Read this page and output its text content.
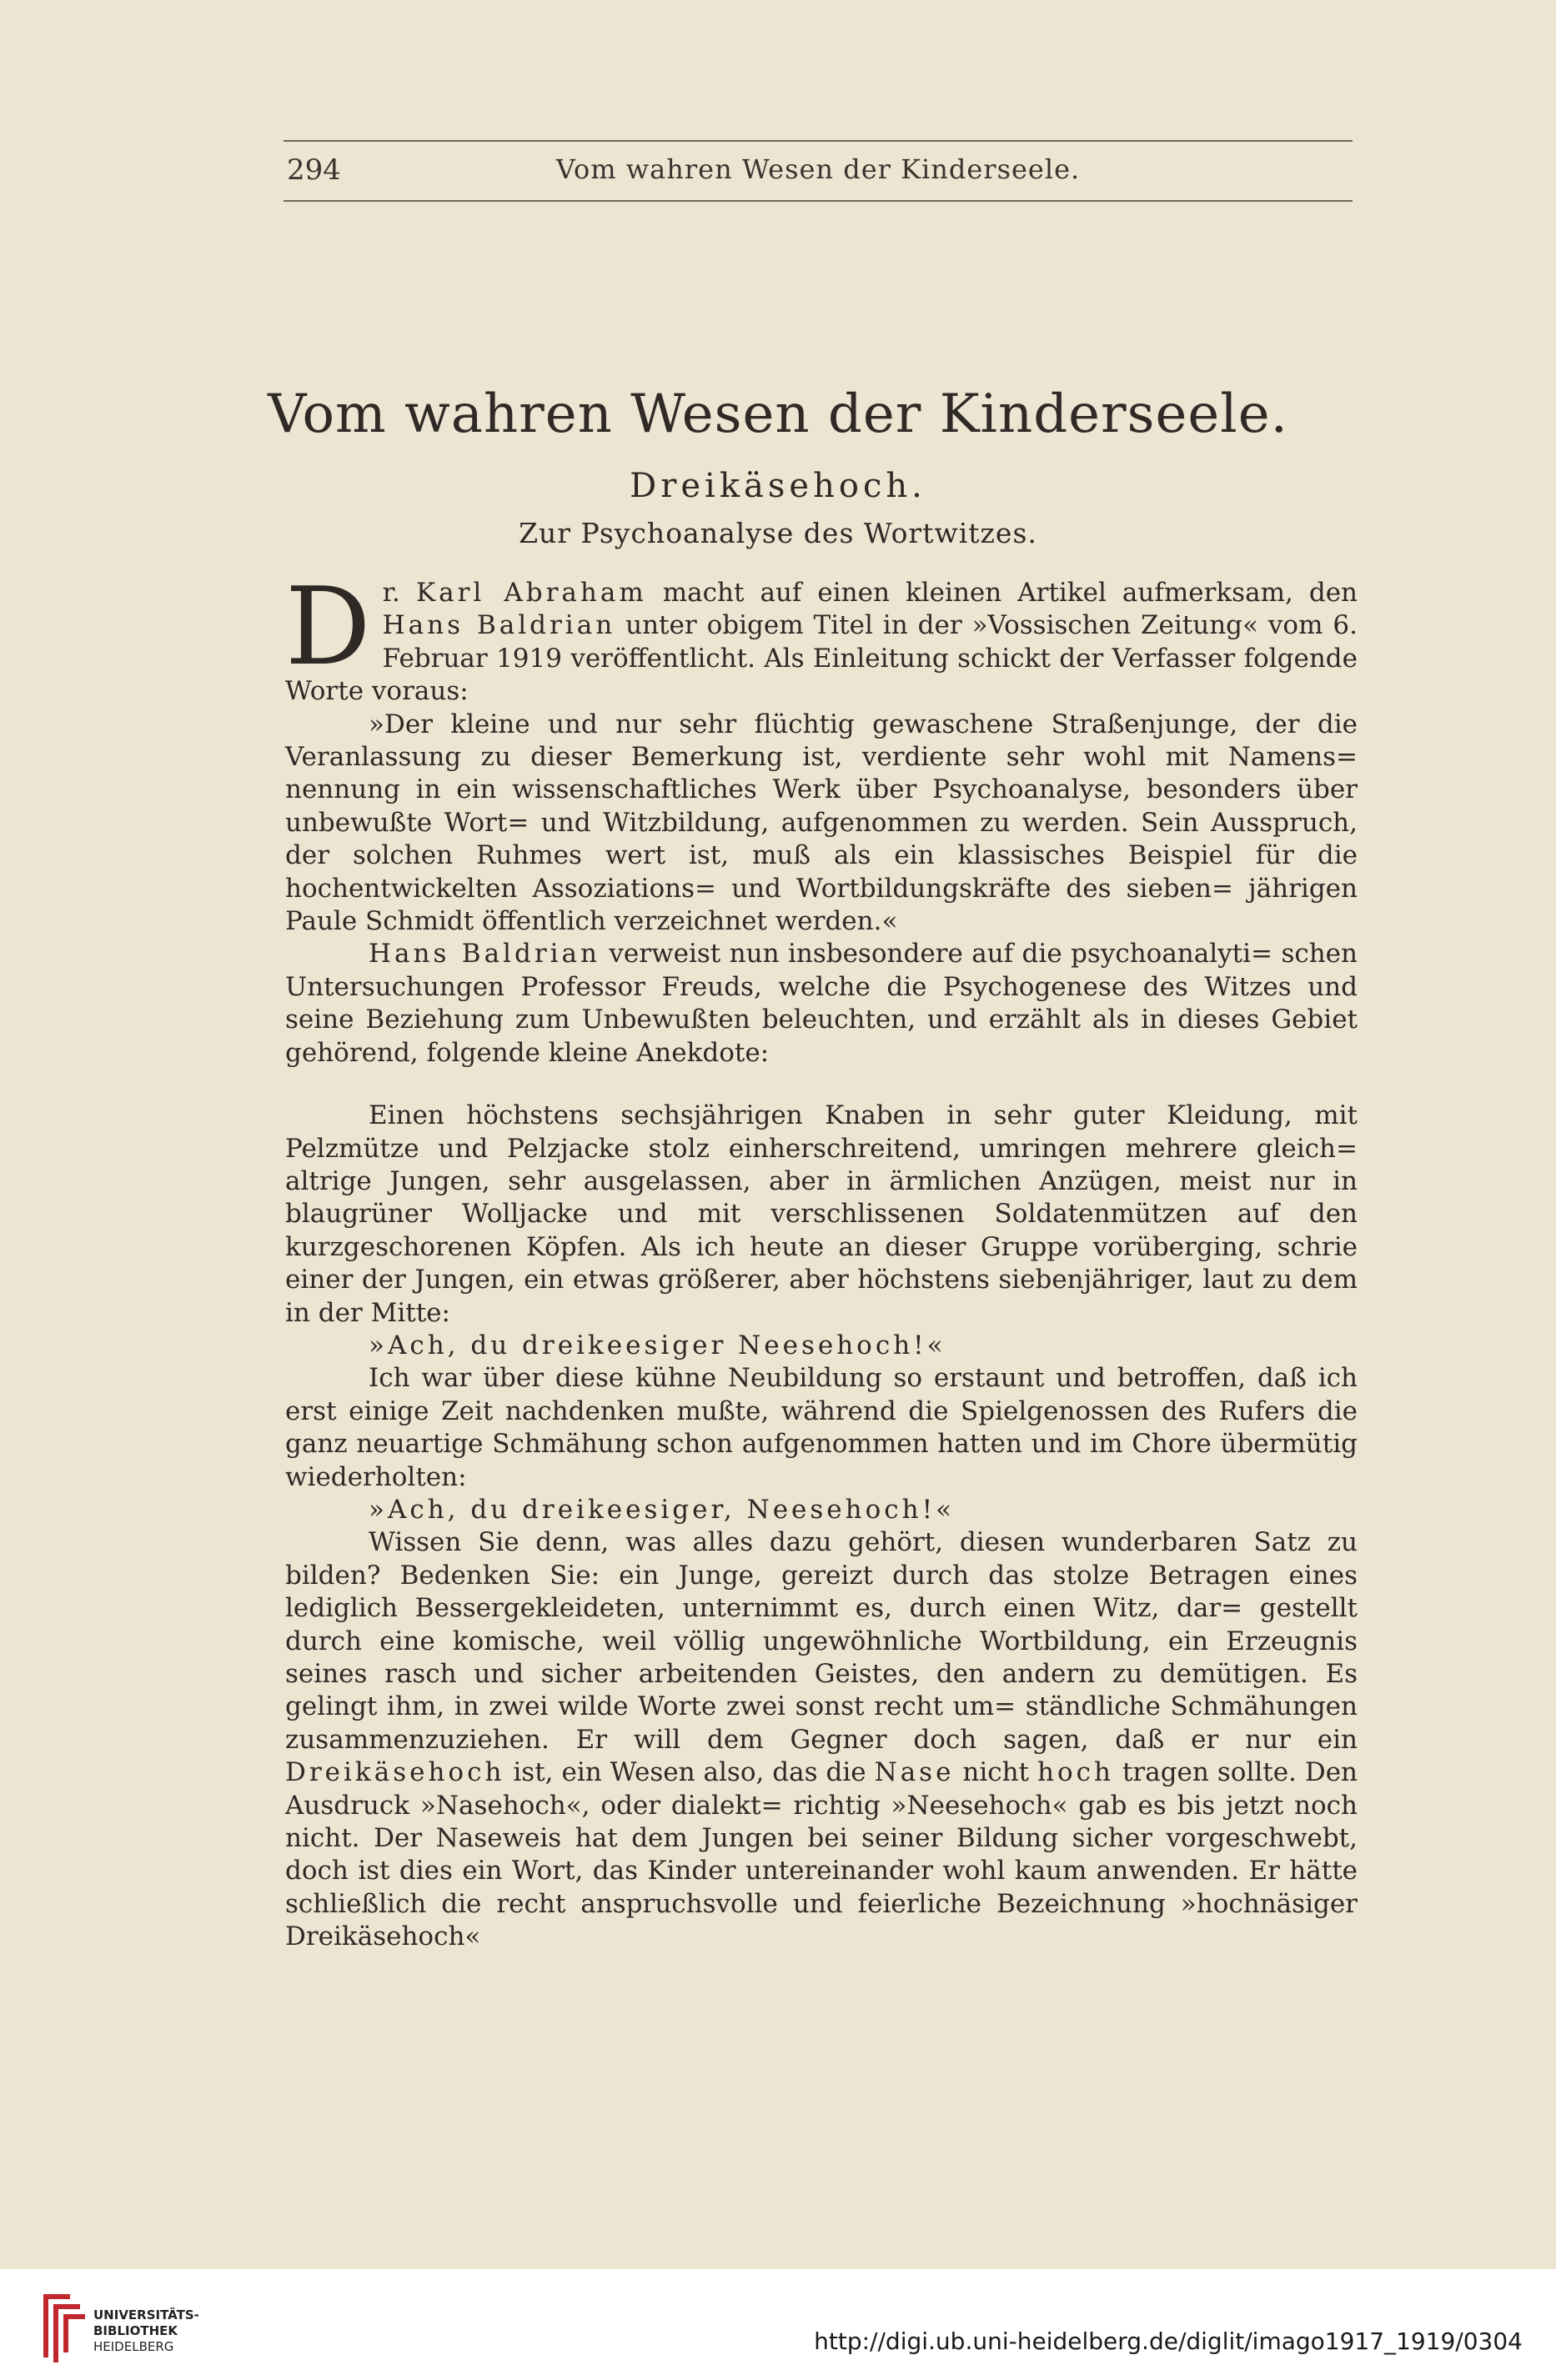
294	Vom wahren Wesen der Kinderseele.
Vom wahren Wesen der Kinderseele.
Dreikäsehoch.
Zur Psychoanalyse des Wortwitzes.

Dr. Karl Abraham macht auf einen kleinen Artikel aufmerksam, den Hans Baldrian unter obigem Titel in der »Vossischen Zeitung« vom 6. Februar 1919 veröffentlicht. Als Einleitung schickt der Verfasser folgende Worte voraus:

»Der kleine und nur sehr flüchtig gewaschene Straßenjunge, der die Veranlassung zu dieser Bemerkung ist, verdiente sehr wohl mit Namens= nennung in ein wissenschaftliches Werk über Psychoanalyse, besonders über unbewußte Wort= und Witzbildung, aufgenommen zu werden. Sein Ausspruch, der solchen Ruhmes wert ist, muß als ein klassisches Beispiel für die hochentwickelten Assoziations= und Wortbildungskräfte des sieben= jährigen Paule Schmidt öffentlich verzeichnet werden.«

Hans Baldrian verweist nun insbesondere auf die psychoanalyti= schen Untersuchungen Professor Freuds, welche die Psychogenese des Witzes und seine Beziehung zum Unbewußten beleuchten, und erzählt als in dieses Gebiet gehörend, folgende kleine Anekdote:

Einen höchstens sechsjährigen Knaben in sehr guter Kleidung, mit Pelzmütze und Pelzjacke stolz einherschreitend, umringen mehrere gleich= altrige Jungen, sehr ausgelassen, aber in ärmlichen Anzügen, meist nur in blaugrüner Wolljacke und mit verschlissenen Soldatenmützen auf den kurzgeschorenen Köpfen. Als ich heute an dieser Gruppe vorüberging, schrie einer der Jungen, ein etwas größerer, aber höchstens siebenjähriger, laut zu dem in der Mitte:

»Ach, du dreikeesiger Neesehoch!«

Ich war über diese kühne Neubildung so erstaunt und betroffen, daß ich erst einige Zeit nachdenken mußte, während die Spielgenossen des Rufers die ganz neuartige Schmähung schon aufgenommen hatten und im Chore übermütig wiederholten:

»Ach, du dreikeesiger, Neesehoch!«

Wissen Sie denn, was alles dazu gehört, diesen wunderbaren Satz zu bilden? Bedenken Sie: ein Junge, gereizt durch das stolze Betragen eines lediglich Bessergekleideten, unternimmt es, durch einen Witz, dar= gestellt durch eine komische, weil völlig ungewöhnliche Wortbildung, ein Erzeugnis seines rasch und sicher arbeitenden Geistes, den andern zu demütigen. Es gelingt ihm, in zwei wilde Worte zwei sonst recht um= ständliche Schmähungen zusammenzuziehen. Er will dem Gegner doch sagen, daß er nur ein Dreikäsehoch ist, ein Wesen also, das die Nase nicht hoch tragen sollte. Den Ausdruck »Nasehoch«, oder dialekt= richtig »Neesehoch« gab es bis jetzt noch nicht. Der Naseweis hat dem Jungen bei seiner Bildung sicher vorgeschwebt, doch ist dies ein Wort, das Kinder untereinander wohl kaum anwenden. Er hätte schließlich die recht anspruchsvolle und feierliche Bezeichnung »hochnäsiger Dreikäsehoch«

UNIVERSITÄTS-
BIBLIOTHEK
HEIDELBERG	http://digi.ub.uni-heidelberg.de/diglit/imago1917_1919/0304
